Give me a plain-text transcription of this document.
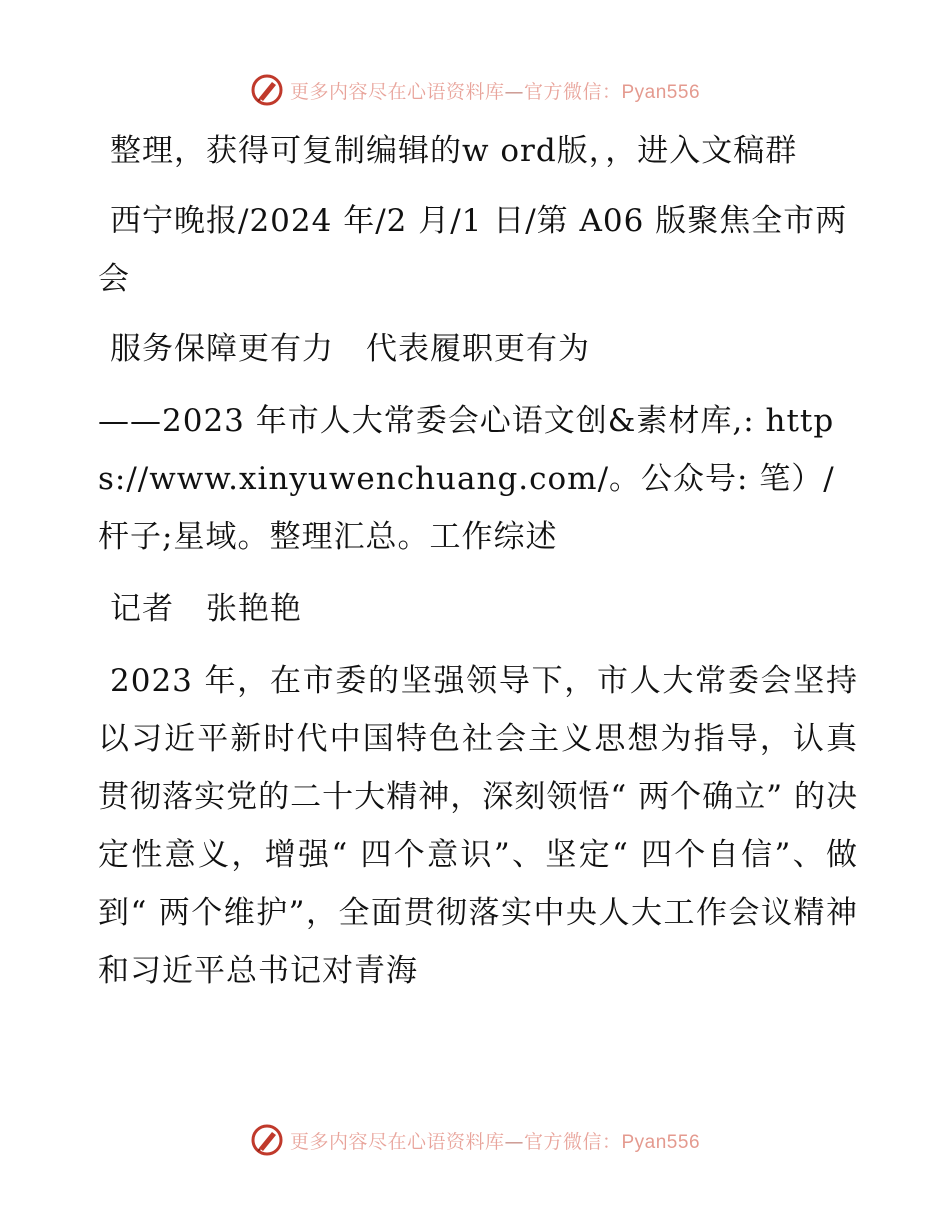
更多内容尽在心语资料库—官方微信：Pyan556

整理，获得可复制编辑的w ord版，，进入文稿群

西宁晚报/2024 年/2 月/1 日/第 A06 版聚焦全市两会

服务保障更有力　代表履职更有为

——2023 年市人大常委会心语文创&素材库,: https://www.xinyuwenchuang.com/。公众号: 笔）/杆子;星域。整理汇总。工作综述

记者　张艳艳

2023 年，在市委的坚强领导下，市人大常委会坚持以习近平新时代中国特色社会主义思想为指导，认真贯彻落实党的二十大精神，深刻领悟“ 两个确立” 的决定性意义，增强“ 四个意识”、坚定“ 四个自信”、做到“ 两个维护”，全面贯彻落实中央人大工作会议精神和习近平总书记对青海

更多内容尽在心语资料库—官方微信：Pyan556
